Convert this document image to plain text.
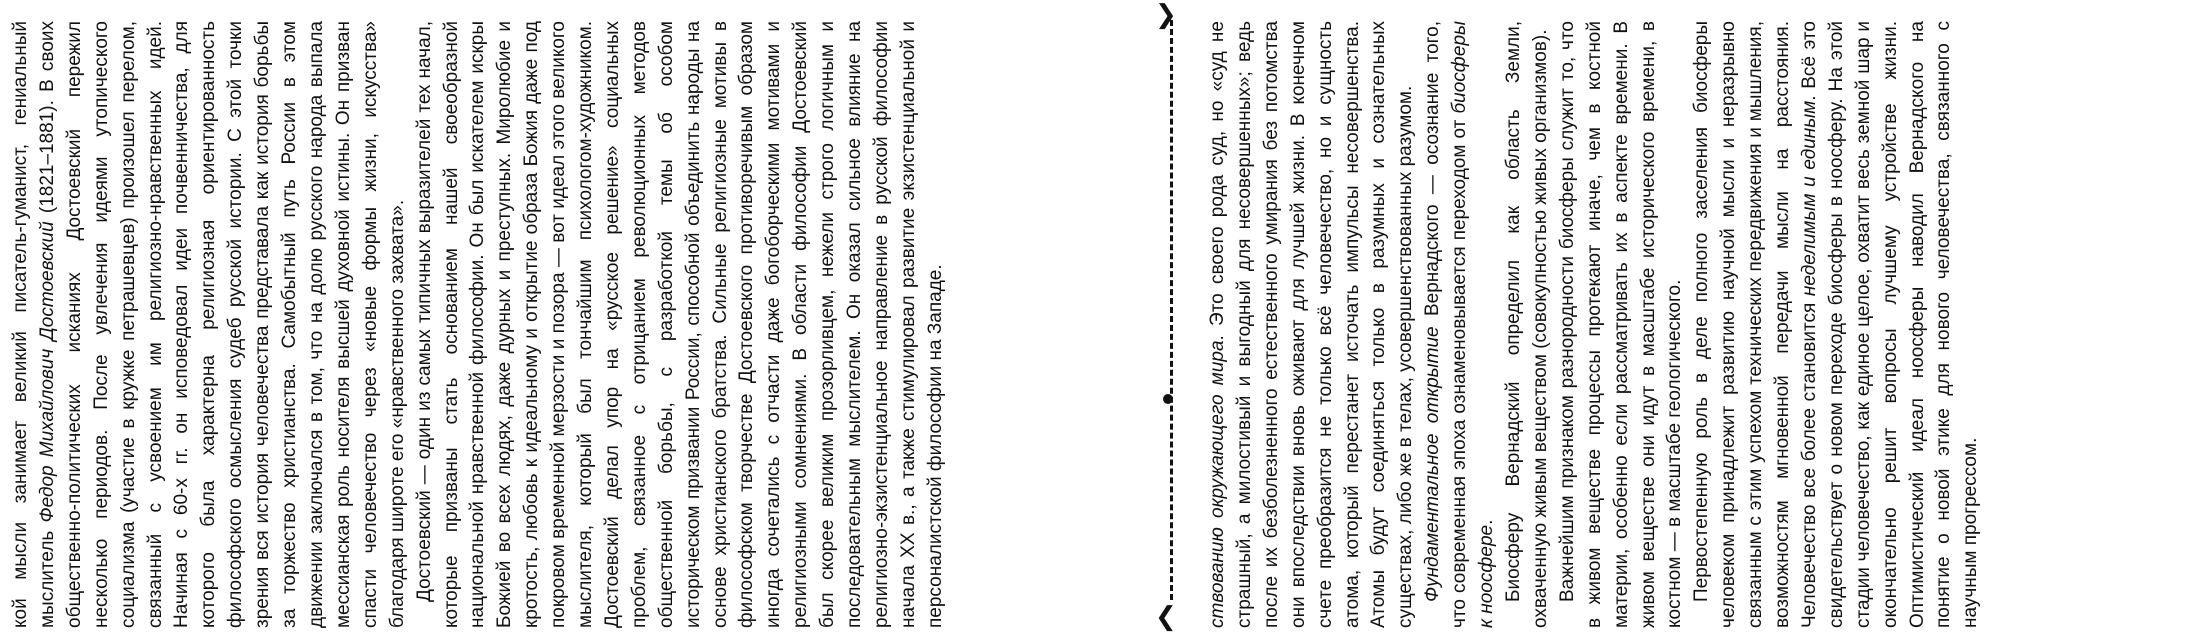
кой мысли занимает великий писатель-гуманист, гениальный мыслитель Федор Михайлович Достоевский (1821–1881). В своих общественно-политических исканиях Достоевский пережил несколько периодов. После увлечения идеями утопического социализма (участие в кружке петрашевцев) произошел перелом, связанный с усвоением им религиозно-нравственных идей. Начиная с 60-х гг. он исповедовал идеи почвенничества, для которого была характерна религиозная ориентированность философского осмысления судеб русской истории. С этой точки зрения вся история человечества представала как история борьбы за торжество христианства. Самобытный путь России в этом движении заключался в том, что на долю русского народа выпала мессианская роль носителя высшей духовной истины. Он призван спасти человечество через «новые формы жизни, искусства» благодаря широте его «нравственного захвата». Достоевский — один из самых типичных выразителей тех начал, которые призваны стать основанием нашей своеобразной национальной нравственной философии. Он был искателем искры Божией во всех людях, даже дурных и преступных. Миролюбие и кротость, любовь к идеальному и открытие образа Божия даже под покровом временной мерзости и позора — вот идеал этого великого мыслителя, который был тончайшим психологом-художником. Достоевский делал упор на «русское решение» социальных проблем, связанное с отрицанием революционных методов общественной борьбы, с разработкой темы об особом историческом призвании России, способной объединить народы на основе христианского братства. Сильные религиозные мотивы в философском творчестве Достоевского противоречивым образом иногда сочетались с отчасти даже богоборческими мотивами и религиозными сомнениями. В области философии Достоевский был скорее великим прозорливцем, нежели строго логичным и последовательным мыслителем. Он оказал сильное влияние на религиозно-экзистенциальное направление в русской философии начала XX в., а также стимулировал развитие экзистенциальной и персоналистской философии на Западе.	❮
❯

ствованию окружающего мира. Это своего рода суд, но «суд не страшный, а милостивый и выгодный для несовершенных»; ведь после их безболезненного естественного умирания без потомства они впоследствии вновь оживают для лучшей жизни. В конечном счете преобразится не только всё человечество, но и сущность атома, который перестанет источать импульсы несовершенства. Атомы будут соединяться только в разумных и сознательных существах, либо же в телах, усовершенствованных разумом. Фундаментальное открытие Вернадского — осознание того, что современная эпоха ознаменовывается переходом от биосферы к ноосфере. Биосферу Вернадский определил как область Земли, охваченную живым веществом (совокупностью живых организмов). Важнейшим признаком разнородности биосферы служит то, что в живом веществе процессы протекают иначе, чем в костной материи, особенно если рассматривать их в аспекте времени. В живом веществе они идут в масштабе исторического времени, в костном — в масштабе геологического. Первостепенную роль в деле полного заселения биосферы человеком принадлежит развитию научной мысли и неразрывно связанным с этим успехом технических передвижения и мышления, возможностям мгновенной передачи мысли на расстояния. Человечество все более становится неделимым и единым. Всё это свидетельствует о новом переходе биосферы в ноосферу. На этой стадии человечество, как единое целое, охватит весь земной шар и окончательно решит вопросы лучшему устройстве жизни. Оптимистический идеал ноосферы наводил Вернадского на понятие о новой этике для нового человечества, связанного с научным прогрессом.
